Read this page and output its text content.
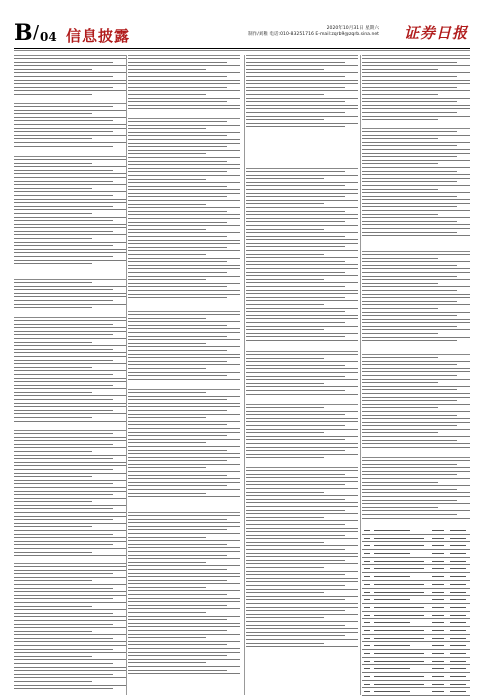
B / 04 信息披露	2020年10月31日 星期六
制作/刘稚 电话:010-83251716 E-mail:zqrb9@zqrb.sina.net 证券日报
